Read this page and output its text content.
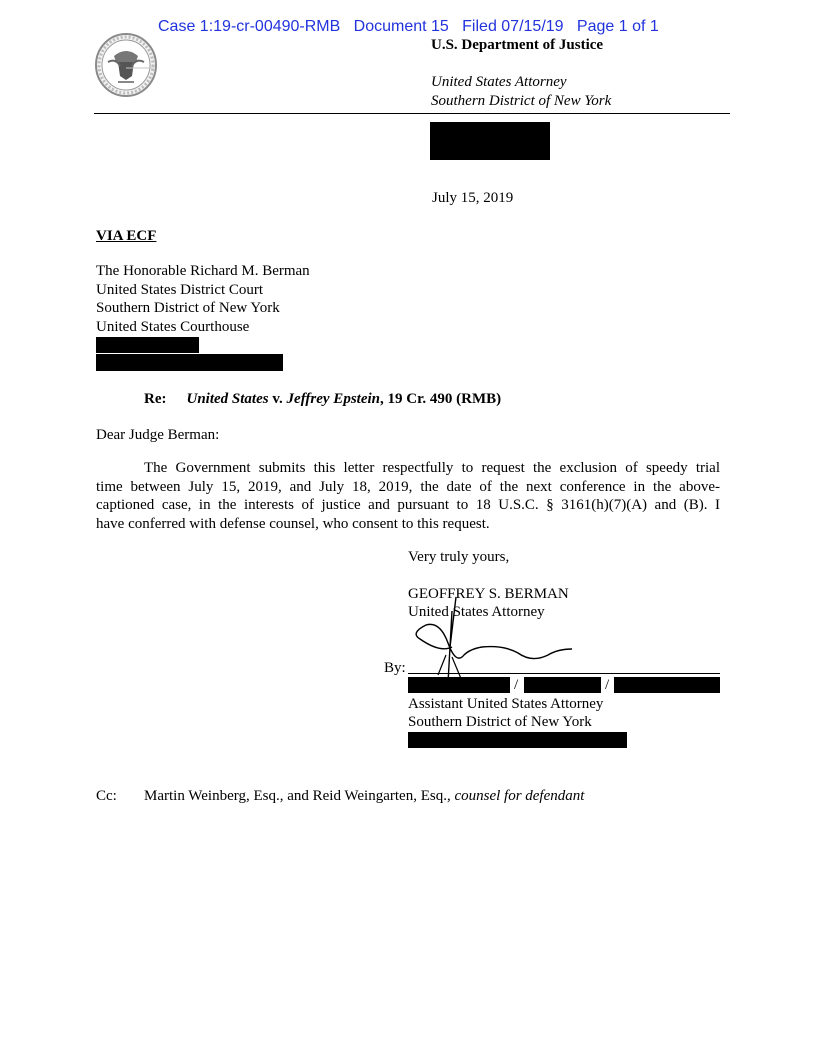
Case 1:19-cr-00490-RMB Document 15 Filed 07/15/19 Page 1 of 1
U.S. Department of Justice
United States Attorney
Southern District of New York
July 15, 2019
VIA ECF
The Honorable Richard M. Berman
United States District Court
Southern District of New York
United States Courthouse
Re: United States v. Jeffrey Epstein, 19 Cr. 490 (RMB)
Dear Judge Berman:
The Government submits this letter respectfully to request the exclusion of speedy trial
time between July 15, 2019, and July 18, 2019, the date of the next conference in the above-
captioned case, in the interests of justice and pursuant to 18 U.S.C. § 3161(h)(7)(A) and (B). I
have conferred with defense counsel, who consent to this request.
Very truly yours,
GEOFFREY S. BERMAN
United States Attorney
By:
/	/
Assistant United States Attorney
Southern District of New York
Cc: Martin Weinberg, Esq., and Reid Weingarten, Esq., counsel for defendant
